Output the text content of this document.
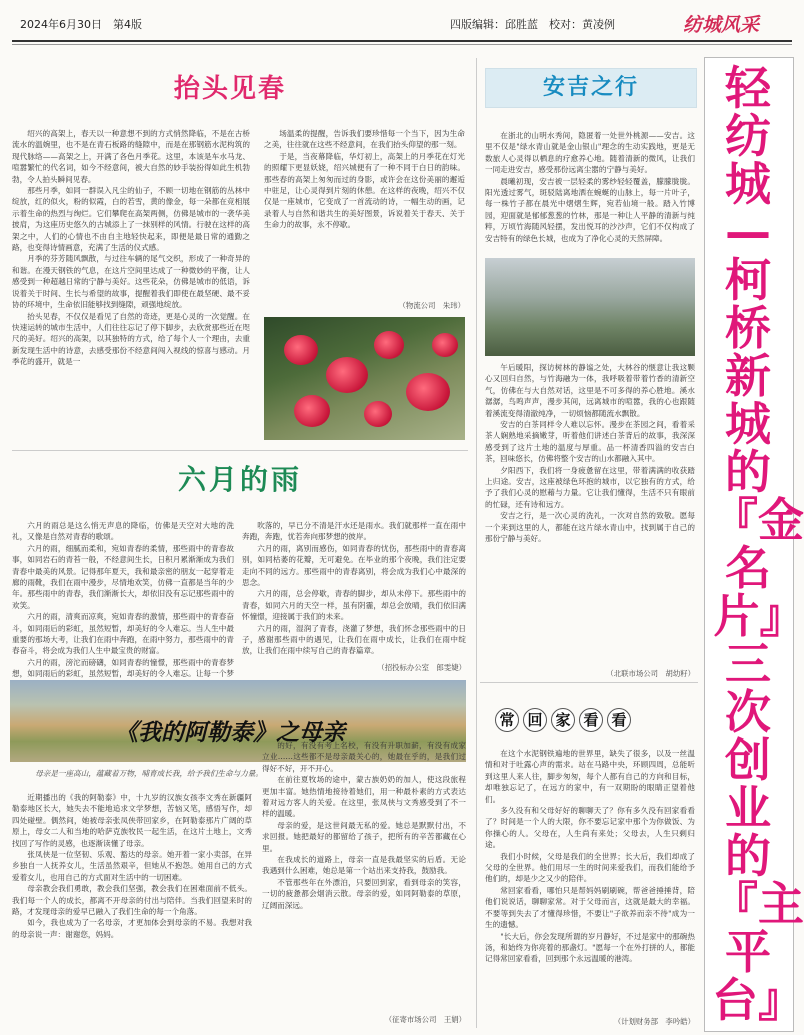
2024年6月30日　第4版	四版编辑：邱胜蓝　校对：黄凌例	纺城风采
轻纺城—柯桥新城的『金名片』三次创业的『主平台』
抬头见春

绍兴的高架上，春天以一种意想不到的方式悄然降临，不是在古桥流水的温婉里，也不是在青石板路的缝隙中，而是在那钢筋水泥构筑的现代脉络——高架之上，开满了各色月季花。这里，本该是车水马龙、喧嚣繁忙的代名词，如今不经意间，被大自然的妙手装扮得如此生机勃勃，令人拍头瞬间见春。

那些月季，如同一群误入凡尘的仙子，不顾一切地在钢筋的丛林中绽放，红的似火，粉的似霞，白的若雪，黄的像金，每一朵都在竞相展示着生命的热烈与绚烂。它们攀爬在高架两侧，仿佛是城市的一袭华美披肩，为这座历史悠久的古城添上了一抹别样的风情。行驶在这样的高架之中，人们的心情也不由自主地轻快起来，即便是最日常的通勤之路，也变得诗情画意，充满了生活的仪式感。

月季的芬芳随风飘散，与过往车辆的尾气交织，形成了一种奇异的和谐。在漫天钢铁的气息，在这片空间里达成了一种微妙的平衡，让人感受到一种超越日常的宁静与美好。这些花朵，仿佛是城市的低语，诉说着关于时间、生长与希望的故事，提醒着我们即使在最坚硬、最不妥协的环境中，生命依旧能够找到缝隙，顽强地绽放。

抬头见春，不仅仅是看见了自然的奇迹，更是心灵的一次觉醒。在快速运转的城市生活中，人们往往忘记了停下脚步，去欣赏那些近在咫尺的美好。绍兴的高架，以其独特的方式，给了每个人一个理由，去重新发现生活中的诗意，去感受那份不经意间闯入视线的惊喜与感动。月季花的盛开，就是一

场温柔的提醒，告诉我们要珍惜每一个当下，因为生命之美，往往就在这些不经意间，在我们抬头仰望的那一刻。

于是，当夜幕降临，华灯初上，高架上的月季花在灯光的照耀下更显妖娆，绍兴城便有了一种不同于白日的韵味。那些春的高架上匆匆而过的身影，或许会在这份美丽的邂逅中驻足，让心灵得到片刻的休憩。在这样的夜晚，绍兴不仅仅是一座城市，它变成了一首流动的诗，一幅生动的画，记录着人与自然和谐共生的美好图景，诉说着关于春天、关于生命力的故事，永不停歇。

（物流公司　朱玮）
六月的雨

六月的雨总是这么悄无声息的降临，仿佛是天空对大地的洗礼，又像是自然对青春的歌颂。

六月的雨，细腻而柔和，宛如青春的柔情，那些雨中的青春故事，如同岩石的青苔一般，不经意间生长，日积月累渐渐成为我们青春中最美的风景。记得那年夏天，我和最亲密的朋友一起穿着走廊的雨靴，我们在雨中漫步，尽情地欢笑，仿佛一直都是当年的少年。那些雨中的青春，我们渐渐长大，却依旧没有忘记那些雨中的欢笑。

六月的雨，清爽而凉爽，宛如青春的激情，那些雨中的青春奋斗，如同雨后的彩虹，虽然短暂，却美好的令人难忘。当人生中最重要的那场大考，让我们在雨中奔跑，在雨中努力，那些雨中的青春奋斗，将会成为我们人生中最宝贵的财富。

六月的雨，滂沱而磅礴，如同青春的憧憬，那些雨中的青春梦想，如同雨后的彩虹，虽然短暂，却美好的令人难忘。让每一个梦

吹落的，早已分不清是汗水还是雨水。我们就那样一直在雨中奔跑，奔跑，忧若奔向那梦想的彼岸。

六月的雨，离别而感伤，如同青春的忧伤，那些雨中的青春离别，如同枯萎的花瓣，无可避免。在毕业的那个夜晚，我们注定要走向不同的远方。那些雨中的青春离别，将会成为我们心中最深的思念。

六月的雨，总会停歇，青春的脚步，却从未停下。那些雨中的青春，如同六月的天空一样，虽有阴霾，却总会放晴，我们依旧满怀憧憬，迎接属于我们的未来。

六月的雨，湿润了青春，浇灌了梦想，我们怀念那些雨中的日子，感谢那些雨中的遇见，让我们在雨中成长，让我们在雨中绽放，让我们在雨中续写自己的青春篇章。

（招投标办公室　郎雯婕）
安吉之行

在浙北的山明水秀间，隐匿着一处世外桃源——安吉。这里不仅是"绿水青山就是金山银山"理念的生动实践地，更是无数旅人心灵得以栖息的疗愈养心地。随着清新的微风，让我们一同走进安吉，感受那份远离尘嚣的宁静与美好。

晨曦初现，安吉被一层轻柔的雾纱轻轻覆盖，朦朦胧胧。阳光透过雾气，斑驳陆离地洒在蜿蜒的山脉上，每一片叶子，每一株竹子都在晨光中熠熠生辉，宛若仙境一般。踏入竹博园，迎面就是郁郁葱葱的竹林，那是一种让人平静的清新与纯粹，万顷竹海随风轻摆，发出悦耳的沙沙声，它们不仅构成了安吉特有的绿色长城，也成为了净化心灵的天然屏障。

午后暖阳，探访树林的静谧之处，大林谷的惬意让我这颗心又回归自然，与竹海融为一体，我呼吸着带着竹香的清新空气，仿佛在与大自然对话，这里是不可多得的养心胜地。溪水潺潺，鸟鸣声声，漫步其间，远离城市的喧嚣，我的心也跟随着溪流变得清澈纯净，一切烦恼都随流水飘散。

安吉的白茶同样令人难以忘怀。漫步在茶园之间，看着采茶人娴熟地采摘嫩芽，听着他们讲述白茶背后的故事，我深深感受到了这片土地的温度与厚重。品一杯清香四溢的安吉白茶，回味悠长，仿佛将整个安吉的山水都融入其中。

夕阳西下，我们将一身疲惫留在这里，带着满满的收获踏上归途。安吉，这座被绿色环抱的城市，以它独有的方式，给予了我们心灵的慰藉与力量。它让我们懂得，生活不只有眼前的忙碌，还有诗和远方。

安吉之行，是一次心灵的洗礼，一次对自然的致敬。愿每一个来到这里的人，都能在这片绿水青山中，找到属于自己的那份宁静与美好。

（北联市场公司　胡幼籽）
《我的阿勒泰》之母亲

母亲是一座高山，蕴藏着万物，哺育成长我，给予我们生命与力量。

近期播出的《我的阿勒泰》中，十九岁的汉族女孩李文秀在新疆阿勒泰地区长大，她失去不能地追求文学梦想，苦恼又笔，感悟写作，却四处碰壁。偶然间，她被母亲张凤侠带回家乡，在阿勒泰那片广阔的草原上，母女二人和当地的哈萨克族牧民一起生活，在这片土地上，文秀找回了写作的灵感，也逐渐读懂了母亲。

张凤侠是一位坚韧、乐观、豁达的母亲。她开着一家小卖部，在异乡独自一人抚养女儿，生活虽然艰辛，但她从不抱怨。她用自己的方式爱着女儿，也用自己的方式面对生活中的一切困难。

母亲教会我们勇敢，教会我们坚强，教会我们在困难面前不低头。我们每一个人的成长，都离不开母亲的付出与陪伴。当我们回望来时的路，才发现母亲的爱早已融入了我们生命的每一个角落。

如今，我也成为了一名母亲，才更加体会到母亲的不易。我想对我的母亲说一声：谢谢您，妈妈。

的好，有没有考上名校，有没有升职加薪，有没有成家立业……这些都不是母亲最关心的，她最在乎的，是我们过得好不好，开不开心。

在前往夏牧场的途中，蒙古族奶奶的加人，使这段旅程更加丰富。她热情地接待着她们，用一种最朴素的方式表达着对远方客人的关爱。在这里，张凤侠与文秀感受到了不一样的温暖。

母亲的爱，是这世间最无私的爱。她总是默默付出，不求回报。她把最好的都留给了孩子，把所有的辛苦都藏在心里。

在我成长的道路上，母亲一直是我最坚实的后盾。无论我遇到什么困难，她总是第一个站出来支持我，鼓励我。

不管那些年在外漂泊，只要回到家，看到母亲的笑容，一切的疲惫都会烟消云散。母亲的爱，如同阿勒泰的草原，辽阔而深远。

（征寄市场公司　王娟）
常 回 家 看 看

在这个水泥钢铁遍地的世界里，缺失了很多，以及一丝温情和对于吐露心声的需求。站在马路中央，环顾四周，总能听到这里人来人往，脚步匆匆，每个人都有自己的方向和目标，却唯独忘记了，在远方的家中，有一双期盼的眼睛正望着他们。

多久没有和父母好好的聊聊天了？你有多久没有回家看看了？时间是一个人的大限，你不要忘记家中那个为你做饭、为你操心的人。父母在，人生尚有来处；父母去，人生只剩归途。

我们小时候，父母是我们的全世界；长大后，我们却成了父母的全世界。他们用尽一生的时间来爱我们，而我们能给予他们的，却是少之又少的陪伴。

常回家看看，哪怕只是帮妈妈刷刷碗，帮爸爸捶捶背，陪他们说说话，聊聊家常。对于父母而言，这就是最大的幸福。不要等到失去了才懂得珍惜，不要让"子欲养而亲不待"成为一生的遗憾。

"长大后，你会发现所谓的岁月静好，不过是家中的那碗热汤，和始终为你亮着的那盏灯。"愿每一个在外打拼的人，都能记得常回家看看，回到那个永远温暖的港湾。

（计划财务部　李吟皓）
